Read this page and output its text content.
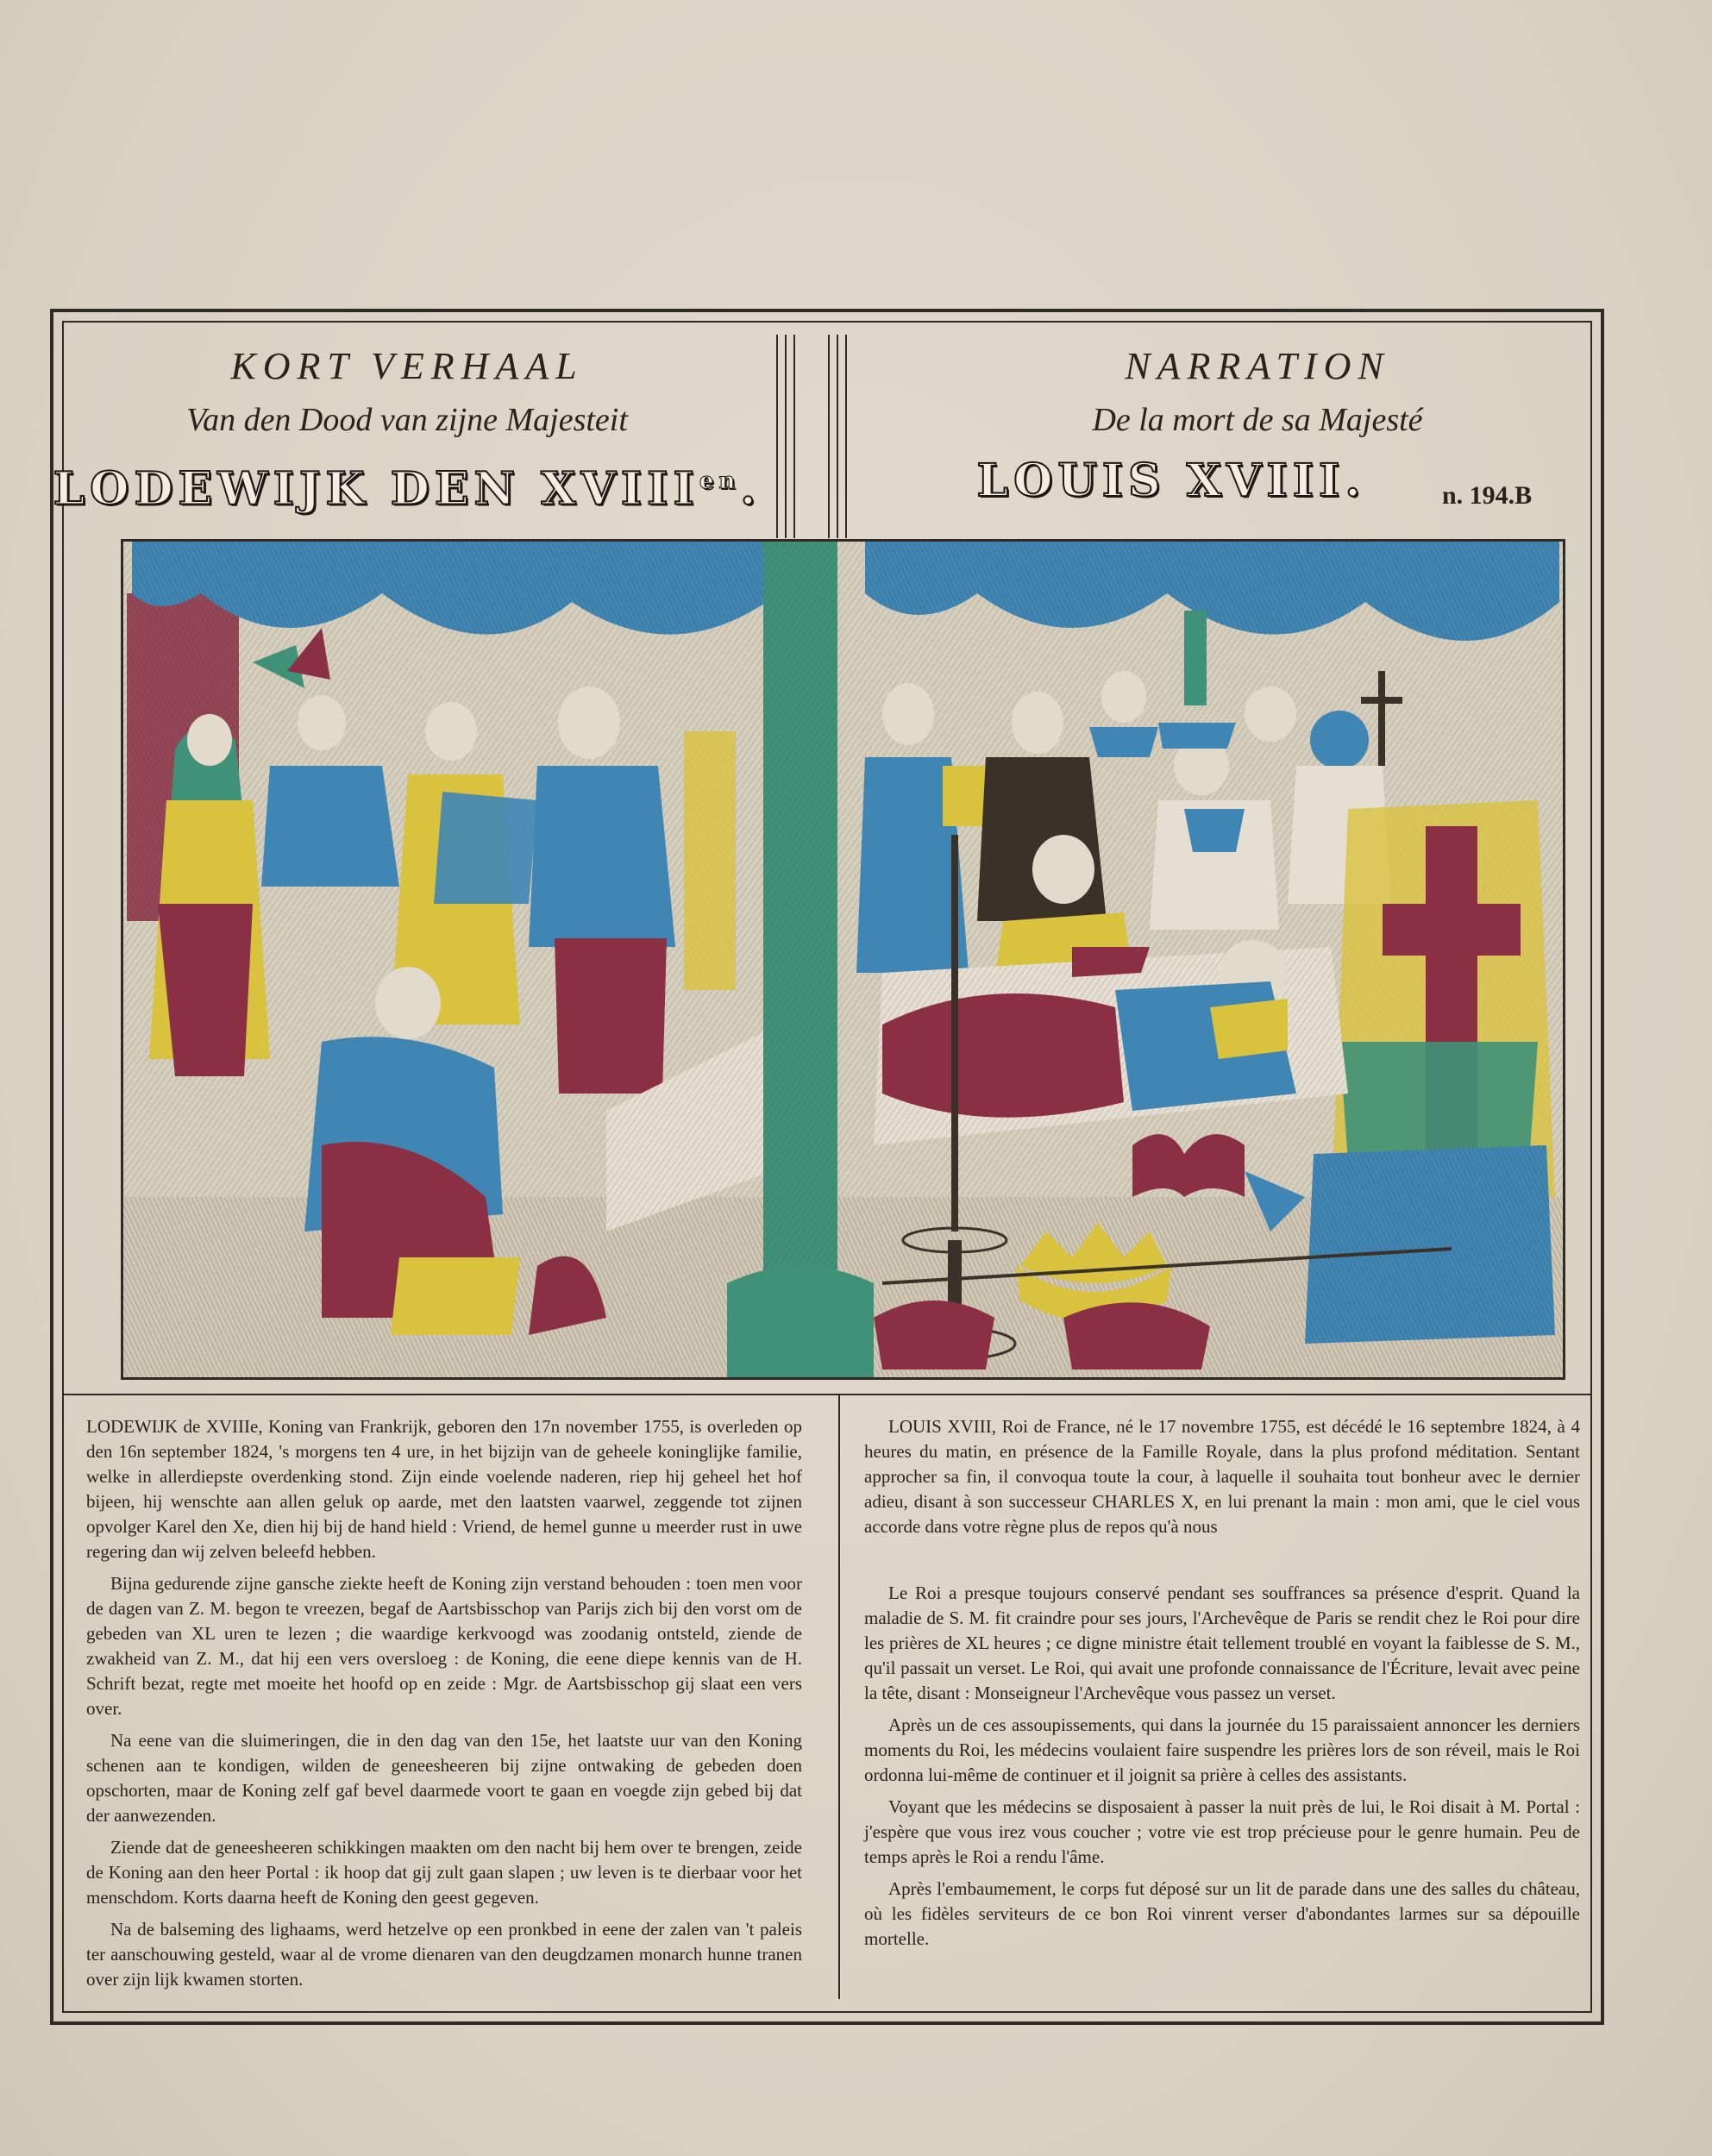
KORT VERHAAL
Van den Dood van zijne Majesteit
LODEWIJK DEN $XVIII^{en}$.
NARRATION
De la mort de sa Majesté
LOUIS XVIII.	n. 194.B

LODEWIJK de XVIIIe, Koning van Frankrijk, geboren den 17n november 1755, is overleden op den 16n september 1824, 's morgens ten 4 ure, in het bijzijn van de geheele koninglijke familie, welke in allerdiepste overdenking stond. Zijn einde voelende naderen, riep hij geheel het hof bijeen, hij wenschte aan allen geluk op aarde, met den laatsten vaarwel, zeggende tot zijnen opvolger Karel den Xe, dien hij bij de hand hield : Vriend, de hemel gunne u meerder rust in uwe regering dan wij zelven beleefd hebben.

Bijna gedurende zijne gansche ziekte heeft de Koning zijn verstand behouden : toen men voor de dagen van Z. M. begon te vreezen, begaf de Aartsbisschop van Parijs zich bij den vorst om de gebeden van XL uren te lezen ; die waardige kerkvoogd was zoodanig ontsteld, ziende de zwakheid van Z. M., dat hij een vers oversloeg : de Koning, die eene diepe kennis van de H. Schrift bezat, regte met moeite het hoofd op en zeide : Mgr. de Aartsbisschop gij slaat een vers over.

Na eene van die sluimeringen, die in den dag van den 15e, het laatste uur van den Koning schenen aan te kondigen, wilden de geneesheeren bij zijne ontwaking de gebeden doen opschorten, maar de Koning zelf gaf bevel daarmede voort te gaan en voegde zijn gebed bij dat der aanwezenden.

Ziende dat de geneesheeren schikkingen maakten om den nacht bij hem over te brengen, zeide de Koning aan den heer Portal : ik hoop dat gij zult gaan slapen ; uw leven is te dierbaar voor het menschdom. Korts daarna heeft de Koning den geest gegeven.

Na de balseming des lighaams, werd hetzelve op een pronkbed in eene der zalen van 't paleis ter aanschouwing gesteld, waar al de vrome dienaren van den deugdzamen monarch hunne tranen over zijn lijk kwamen storten.

LOUIS XVIII, Roi de France, né le 17 novembre 1755, est décédé le 16 septembre 1824, à 4 heures du matin, en présence de la Famille Royale, dans la plus profond méditation. Sentant approcher sa fin, il convoqua toute la cour, à laquelle il souhaita tout bonheur avec le dernier adieu, disant à son successeur CHARLES X, en lui prenant la main : mon ami, que le ciel vous accorde dans votre règne plus de repos qu'à nous

Le Roi a presque toujours conservé pendant ses souffrances sa présence d'esprit. Quand la maladie de S. M. fit craindre pour ses jours, l'Archevêque de Paris se rendit chez le Roi pour dire les prières de XL heures ; ce digne ministre était tellement troublé en voyant la faiblesse de S. M., qu'il passait un verset. Le Roi, qui avait une profonde connaissance de l'Écriture, levait avec peine la tête, disant : Monseigneur l'Archevêque vous passez un verset.

Après un de ces assoupissements, qui dans la journée du 15 paraissaient annoncer les derniers moments du Roi, les médecins voulaient faire suspendre les prières lors de son réveil, mais le Roi ordonna lui-même de continuer et il joignit sa prière à celles des assistants.

Voyant que les médecins se disposaient à passer la nuit près de lui, le Roi disait à M. Portal : j'espère que vous irez vous coucher ; votre vie est trop précieuse pour le genre humain. Peu de temps après le Roi a rendu l'âme.

Après l'embaumement, le corps fut déposé sur un lit de parade dans une des salles du château, où les fidèles serviteurs de ce bon Roi vinrent verser d'abondantes larmes sur sa dépouille mortelle.
